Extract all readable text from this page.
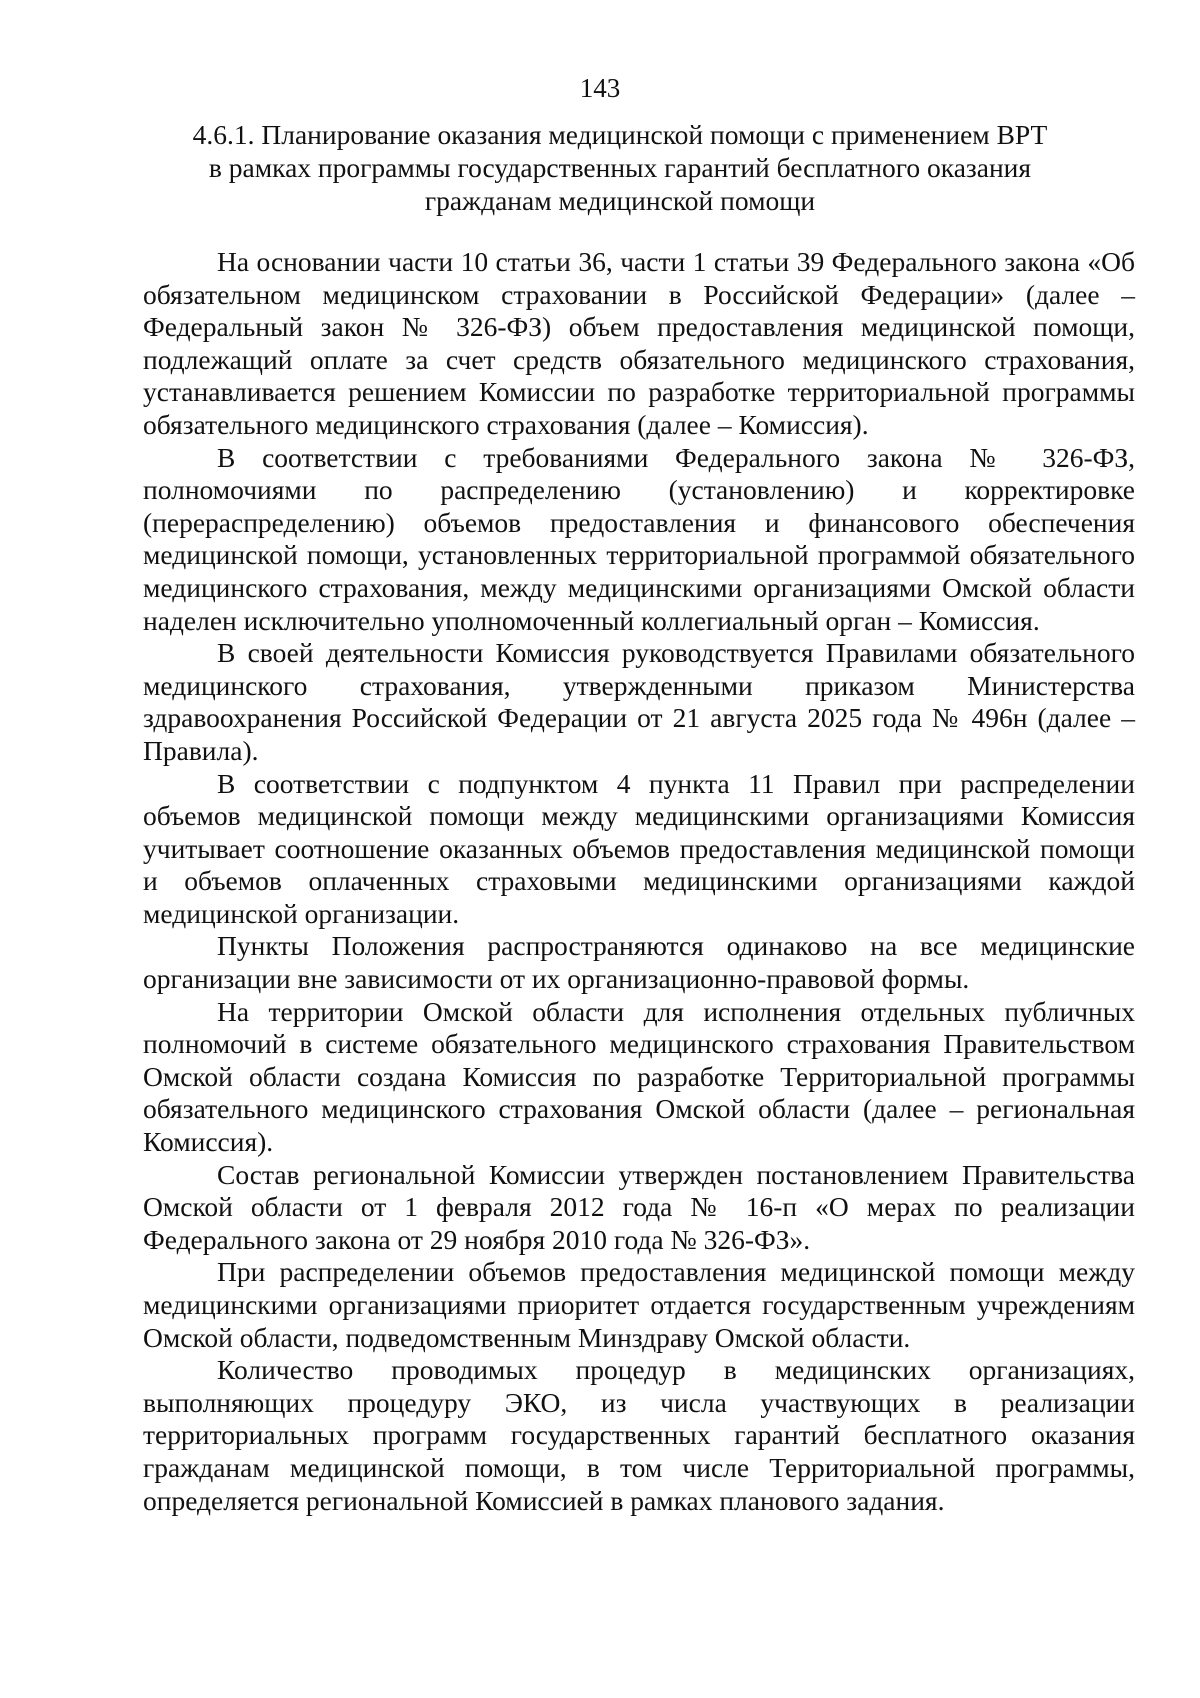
143
4.6.1. Планирование оказания медицинской помощи с применением ВРТ
в рамках программы государственных гарантий бесплатного оказания
гражданам медицинской помощи

На основании части 10 статьи 36, части 1 статьи 39 Федерального закона «Об обязательном медицинском страховании в Российской Федерации» (далее – Федеральный закон № 326-ФЗ) объем предоставления медицинской помощи, подлежащий оплате за счет средств обязательного медицинского страхования, устанавливается решением Комиссии по разработке территориальной программы обязательного медицинского страхования (далее – Комиссия).

В соответствии с требованиями Федерального закона № 326-ФЗ, полномочиями по распределению (установлению) и корректировке (перераспределению) объемов предоставления и финансового обеспечения медицинской помощи, установленных территориальной программой обязательного медицинского страхования, между медицинскими организациями Омской области наделен исключительно уполномоченный коллегиальный орган – Комиссия.

В своей деятельности Комиссия руководствуется Правилами обязательного медицинского страхования, утвержденными приказом Министерства здравоохранения Российской Федерации от 21 августа 2025 года № 496н (далее – Правила).

В соответствии с подпунктом 4 пункта 11 Правил при распределении объемов медицинской помощи между медицинскими организациями Комиссия учитывает соотношение оказанных объемов предоставления медицинской помощи и объемов оплаченных страховыми медицинскими организациями каждой медицинской организации.

Пункты Положения распространяются одинаково на все медицинские организации вне зависимости от их организационно-правовой формы.

На территории Омской области для исполнения отдельных публичных полномочий в системе обязательного медицинского страхования Правительством Омской области создана Комиссия по разработке Территориальной программы обязательного медицинского страхования Омской области (далее – региональная Комиссия).

Состав региональной Комиссии утвержден постановлением Правительства Омской области от 1 февраля 2012 года № 16-п «О мерах по реализации Федерального закона от 29 ноября 2010 года № 326-ФЗ».

При распределении объемов предоставления медицинской помощи между медицинскими организациями приоритет отдается государственным учреждениям Омской области, подведомственным Минздраву Омской области.

Количество проводимых процедур в медицинских организациях, выполняющих процедуру ЭКО, из числа участвующих в реализации территориальных программ государственных гарантий бесплатного оказания гражданам медицинской помощи, в том числе Территориальной программы, определяется региональной Комиссией в рамках планового задания.
